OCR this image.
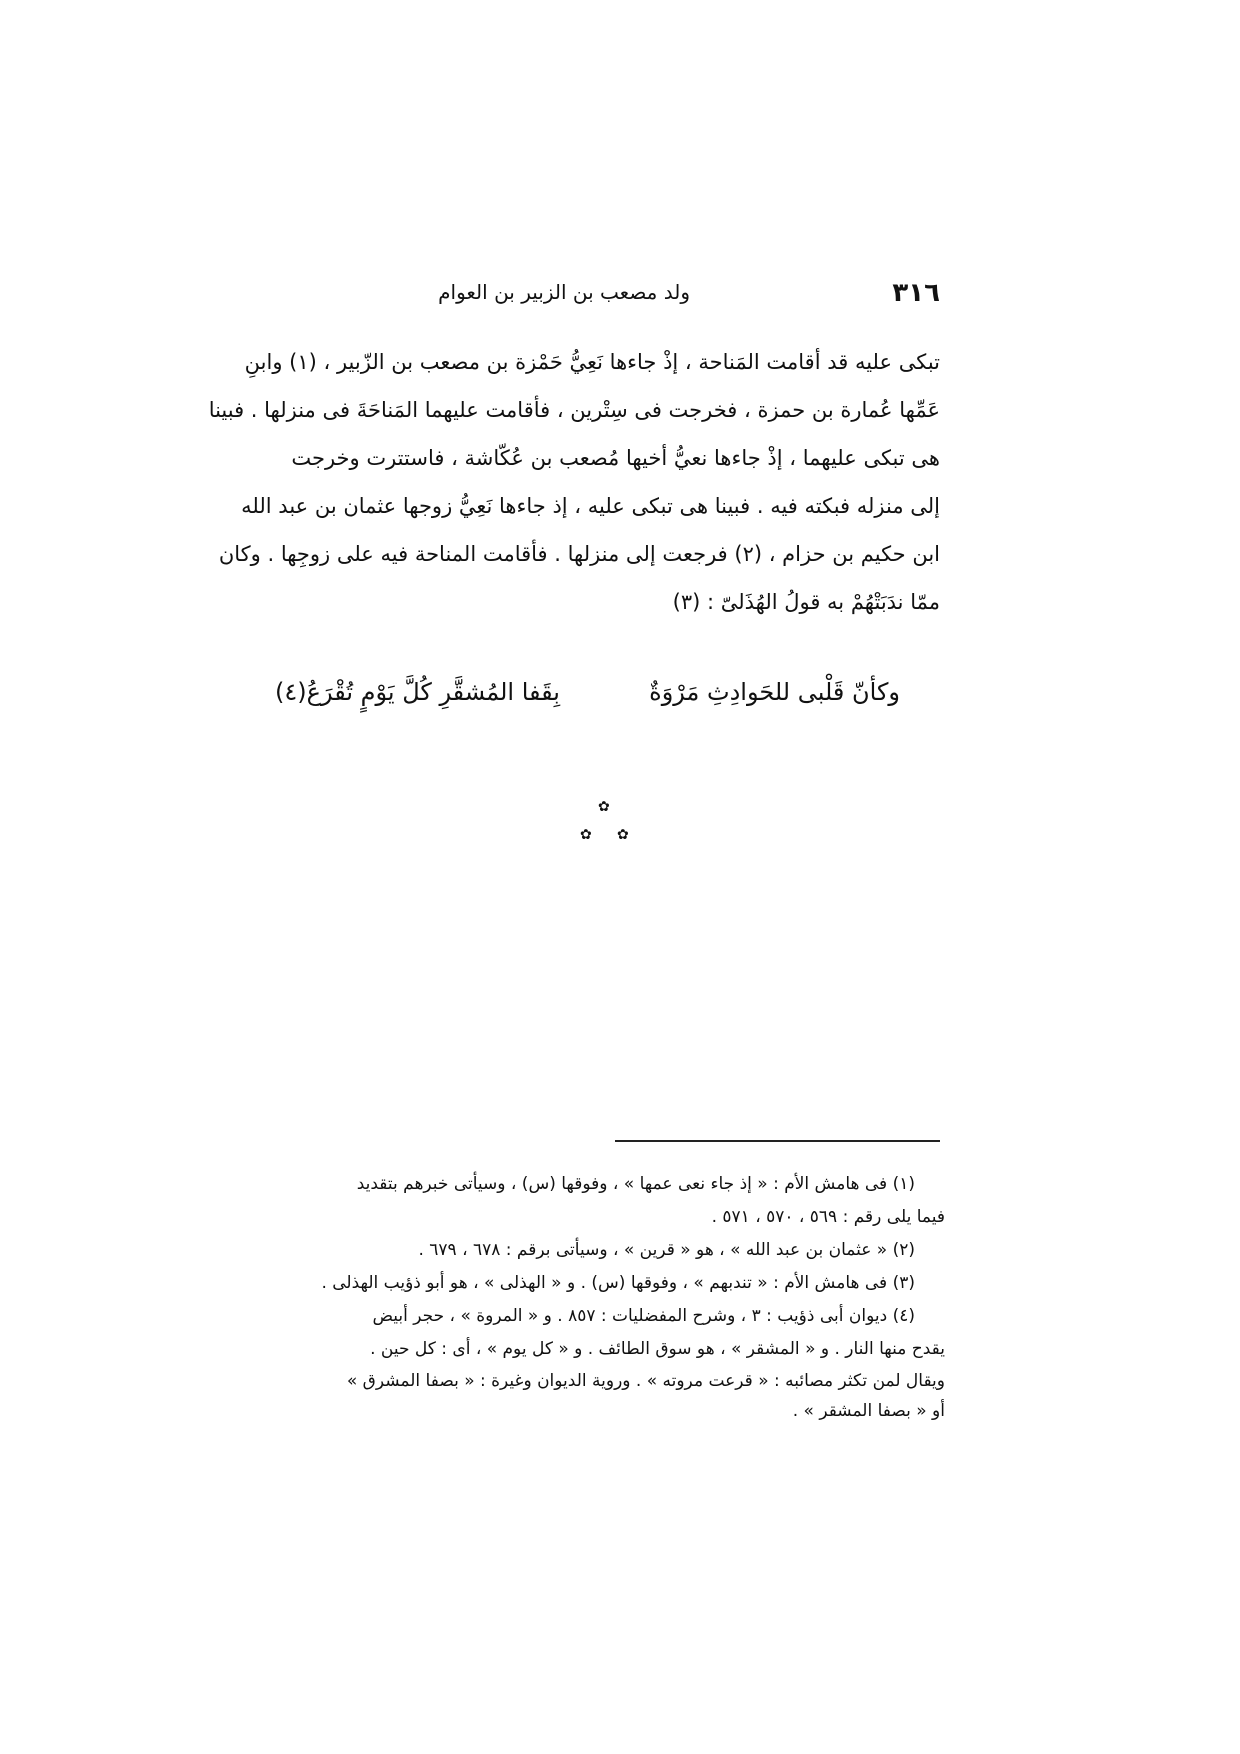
٣١٦
ولد مصعب بن الزبير بن العوام
تبكى عليه قد أقامت المَناحة ، إذْ جاءها نَعِيُّ حَمْزة بن مصعب بن الزّبير ، (١) وابنِ
عَمِّها عُمارة بن حمزة ، فخرجت فى سِتْرين ، فأقامت عليهما المَناحَةَ فى منزلها . فبينا
هى تبكى عليهما ، إذْ جاءها نعيُّ أخيها مُصعب بن عُكّاشة ، فاستترت وخرجت
إلى منزله فبكته فيه . فبينا هى تبكى عليه ، إذ جاءها نَعِيُّ زوجها عثمان بن عبد الله
ابن حكيم بن حزام ، (٢) فرجعت إلى منزلها . فأقامت المناحة فيه على زوجِها . وكان
ممّا ندَبَتْهُمْ به قولُ الهُذَلىّ : (٣)
وكأنّ قَلْبى للحَوادِثِ مَرْوَةٌ
بِقَفا المُشقَّرِ كُلَّ يَوْمٍ تُقْرَعُ(٤)
✿
✿ ✿
(١) فى هامش الأم : « إذ جاء نعى عمها » ، وفوقها (س) ، وسيأتى خبرهم بتقديد
فيما يلى رقم : ٥٦٩ ، ٥٧٠ ، ٥٧١ .
(٢) « عثمان بن عبد الله » ، هو « قرين » ، وسيأتى برقم : ٦٧٨ ، ٦٧٩ .
(٣) فى هامش الأم : « تندبهم » ، وفوقها (س) . و « الهذلى » ، هو أبو ذؤيب الهذلى .
(٤) ديوان أبى ذؤيب : ٣ ، وشرح المفضليات : ٨٥٧ . و « المروة » ، حجر أبيض
يقدح منها النار . و « المشقر » ، هو سوق الطائف . و « كل يوم » ، أى : كل حين .
ويقال لمن تكثر مصائبه : « قرعت مروته » . وروية الديوان وغيرة : « بصفا المشرق »
أو « بصفا المشقر » .
